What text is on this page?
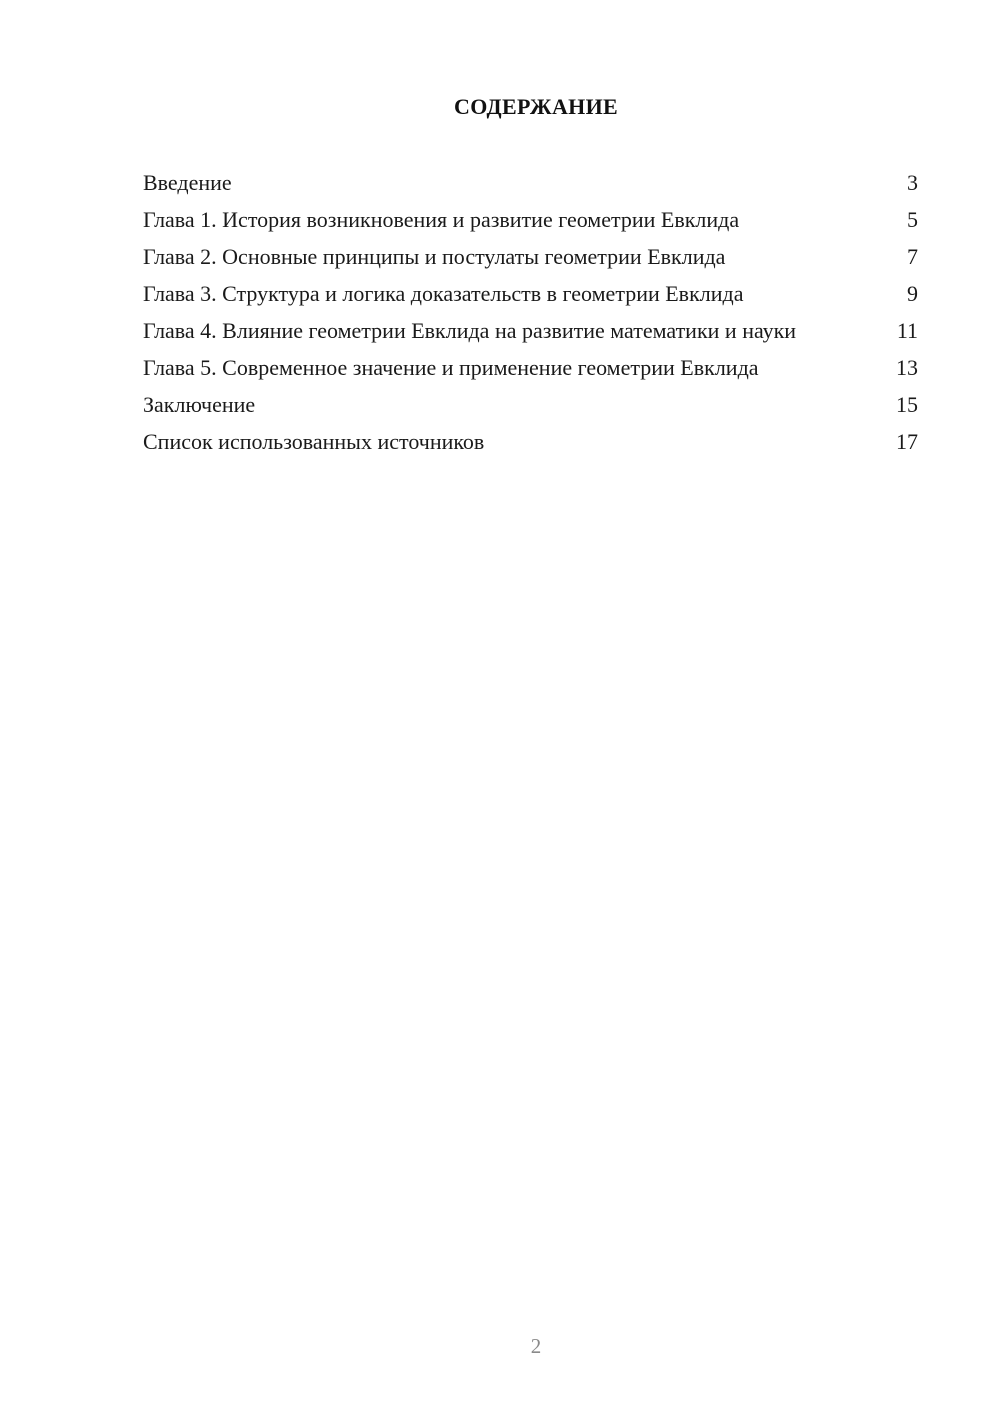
СОДЕРЖАНИЕ
Введение	3
Глава 1. История возникновения и развитие геометрии Евклида	5
Глава 2. Основные принципы и постулаты геометрии Евклида	7
Глава 3. Структура и логика доказательств в геометрии Евклида	9
Глава 4. Влияние геометрии Евклида на развитие математики и науки	11
Глава 5. Современное значение и применение геометрии Евклида	13
Заключение	15
Список использованных источников	17
2
